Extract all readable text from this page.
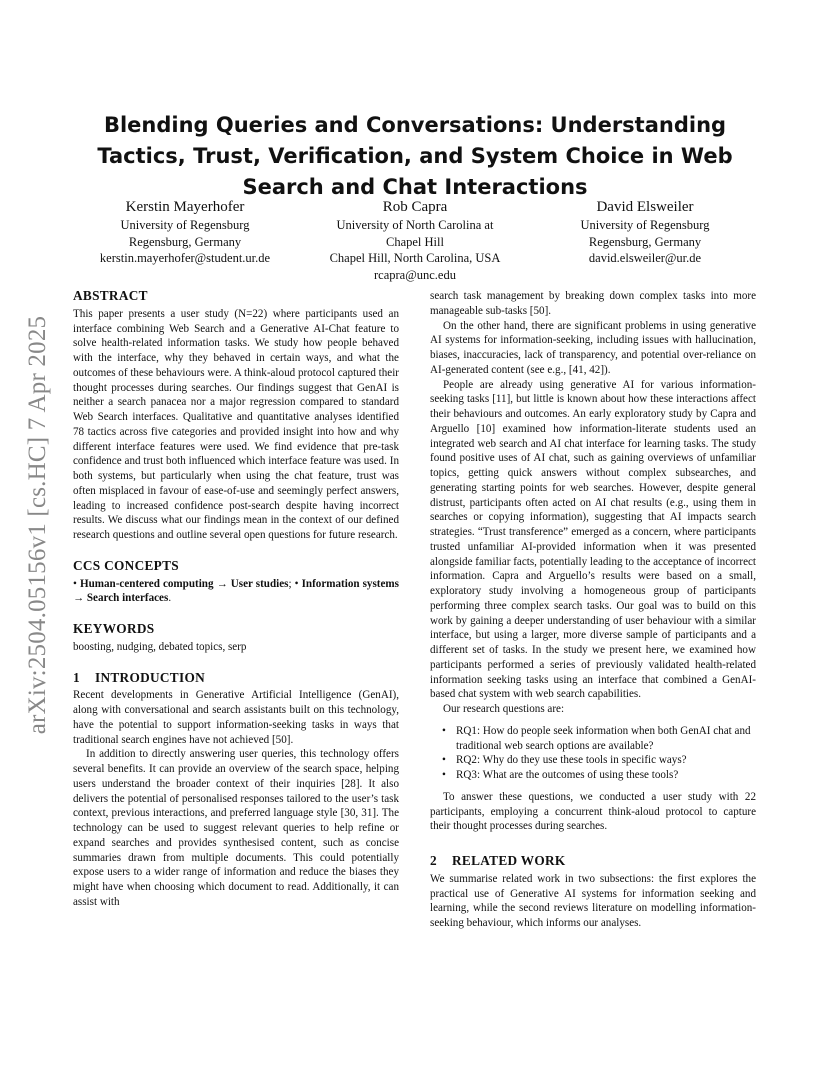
arXiv:2504.05156v1 [cs.HC] 7 Apr 2025
Blending Queries and Conversations: Understanding Tactics, Trust, Verification, and System Choice in Web Search and Chat Interactions
Kerstin Mayerhofer
University of Regensburg
Regensburg, Germany
kerstin.mayerhofer@student.ur.de
Rob Capra
University of North Carolina at
Chapel Hill
Chapel Hill, North Carolina, USA
rcapra@unc.edu
David Elsweiler
University of Regensburg
Regensburg, Germany
david.elsweiler@ur.de
ABSTRACT

This paper presents a user study (N=22) where participants used an interface combining Web Search and a Generative AI-Chat feature to solve health-related information tasks. We study how people behaved with the interface, why they behaved in certain ways, and what the outcomes of these behaviours were. A think-aloud protocol captured their thought processes during searches. Our findings suggest that GenAI is neither a search panacea nor a major regression compared to standard Web Search interfaces. Qualitative and quantitative analyses identified 78 tactics across five categories and provided insight into how and why different interface features were used. We find evidence that pre-task confidence and trust both influenced which interface feature was used. In both systems, but particularly when using the chat feature, trust was often misplaced in favour of ease-of-use and seemingly perfect answers, leading to increased confidence post-search despite having incorrect results. We discuss what our findings mean in the context of our defined research questions and outline several open questions for future research.

CCS CONCEPTS

• Human-centered computing → User studies; • Information systems → Search interfaces.

KEYWORDS

boosting, nudging, debated topics, serp

1 INTRODUCTION

Recent developments in Generative Artificial Intelligence (GenAI), along with conversational and search assistants built on this technology, have the potential to support information-seeking tasks in ways that traditional search engines have not achieved [50].

In addition to directly answering user queries, this technology offers several benefits. It can provide an overview of the search space, helping users understand the broader context of their inquiries [28]. It also delivers the potential of personalised responses tailored to the user’s task context, previous interactions, and preferred language style [30, 31]. The technology can be used to suggest relevant queries to help refine or expand searches and provides synthesised content, such as concise summaries drawn from multiple documents. This could potentially expose users to a wider range of information and reduce the biases they might have when choosing which document to read. Additionally, it can assist with

search task management by breaking down complex tasks into more manageable sub-tasks [50].

On the other hand, there are significant problems in using generative AI systems for information-seeking, including issues with hallucination, biases, inaccuracies, lack of transparency, and potential over-reliance on AI-generated content (see e.g., [41, 42]).

People are already using generative AI for various information-seeking tasks [11], but little is known about how these interactions affect their behaviours and outcomes. An early exploratory study by Capra and Arguello [10] examined how information-literate students used an integrated web search and AI chat interface for learning tasks. The study found positive uses of AI chat, such as gaining overviews of unfamiliar topics, getting quick answers without complex subsearches, and generating starting points for web searches. However, despite general distrust, participants often acted on AI chat results (e.g., using them in searches or copying information), suggesting that AI impacts search strategies. “Trust transference” emerged as a concern, where participants trusted unfamiliar AI-provided information when it was presented alongside familiar facts, potentially leading to the acceptance of incorrect information. Capra and Arguello’s results were based on a small, exploratory study involving a homogeneous group of participants performing three complex search tasks. Our goal was to build on this work by gaining a deeper understanding of user behaviour with a similar interface, but using a larger, more diverse sample of participants and a different set of tasks. In the study we present here, we examined how participants performed a series of previously validated health-related information seeking tasks using an interface that combined a GenAI-based chat system with web search capabilities.

Our research questions are:

• RQ1: How do people seek information when both GenAI chat and traditional web search options are available?
• RQ2: Why do they use these tools in specific ways?
• RQ3: What are the outcomes of using these tools?

To answer these questions, we conducted a user study with 22 participants, employing a concurrent think-aloud protocol to capture their thought processes during searches.

2 RELATED WORK

We summarise related work in two subsections: the first explores the practical use of Generative AI systems for information seeking and learning, while the second reviews literature on modelling information-seeking behaviour, which informs our analyses.
